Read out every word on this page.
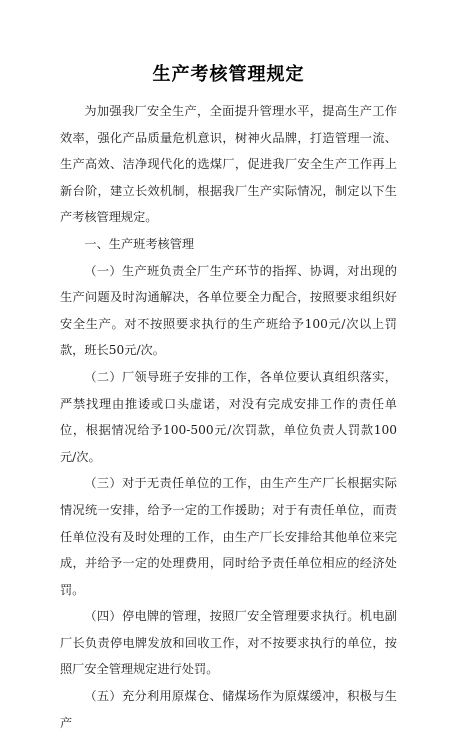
生产考核管理规定

为加强我厂安全生产，全面提升管理水平，提高生产工作效率，强化产品质量危机意识，树神火品牌，打造管理一流、生产高效、洁净现代化的选煤厂，促进我厂安全生产工作再上新台阶，建立长效机制，根据我厂生产实际情况，制定以下生产考核管理规定。

一、生产班考核管理

（一）生产班负责全厂生产环节的指挥、协调，对出现的生产问题及时沟通解决，各单位要全力配合，按照要求组织好安全生产。对不按照要求执行的生产班给予100元/次以上罚款，班长50元/次。

（二）厂领导班子安排的工作，各单位要认真组织落实，严禁找理由推诿或口头虚诺，对没有完成安排工作的责任单位，根据情况给予100-500元/次罚款，单位负责人罚款100元/次。

（三）对于无责任单位的工作，由生产生产厂长根据实际情况统一安排，给予一定的工作援助；对于有责任单位，而责任单位没有及时处理的工作，由生产厂长安排给其他单位来完成，并给予一定的处理费用，同时给予责任单位相应的经济处罚。

（四）停电牌的管理，按照厂安全管理要求执行。机电副厂长负责停电牌发放和回收工作，对不按要求执行的单位，按照厂安全管理规定进行处罚。

（五）充分利用原煤仓、储煤场作为原煤缓冲，积极与生产
